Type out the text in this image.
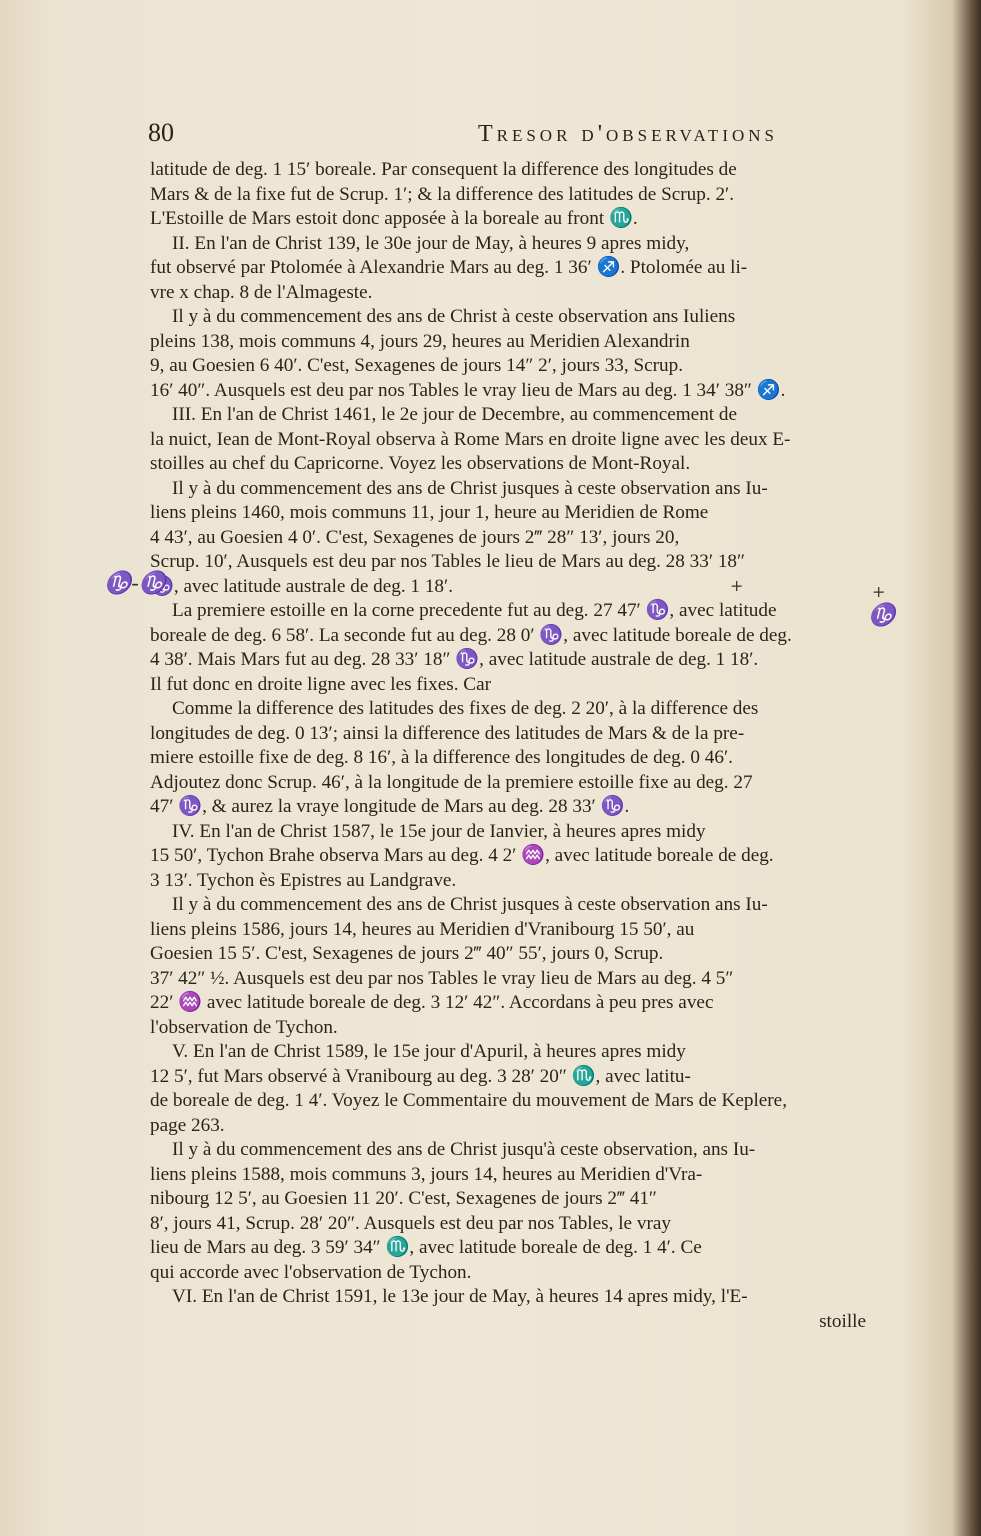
80	Tresor d'observations
latitude de deg. 1 15′ boreale. Par consequent la difference des longitudes de
Mars & de la fixe fut de Scrup. 1′; & la difference des latitudes de Scrup. 2′.
L'Estoille de Mars estoit donc apposée à la boreale au front ♏.
II. En l'an de Christ 139, le 30e jour de May, à heures 9 apres midy,
fut observé par Ptolomée à Alexandrie Mars au deg. 1 36′ ♐. Ptolomée au li-
vre x chap. 8 de l'Almageste.
Il y à du commencement des ans de Christ à ceste observation ans Iuliens
pleins 138, mois communs 4, jours 29, heures au Meridien Alexandrin
9, au Goesien 6 40′. C'est, Sexagenes de jours 14″ 2′, jours 33, Scrup.
16′ 40″. Ausquels est deu par nos Tables le vray lieu de Mars au deg. 1 34′ 38″ ♐.
III. En l'an de Christ 1461, le 2e jour de Decembre, au commencement de
la nuict, Iean de Mont-Royal observa à Rome Mars en droite ligne avec les deux E-
stoilles au chef du Capricorne. Voyez les observations de Mont-Royal.
Il y à du commencement des ans de Christ jusques à ceste observation ans Iu-
liens pleins 1460, mois communs 11, jour 1, heure au Meridien de Rome
4 43′, au Goesien 4 0′. C'est, Sexagenes de jours 2‴ 28″ 13′, jours 20,
Scrup. 10′, Ausquels est deu par nos Tables le lieu de Mars au deg. 28 33′ 18″
♑, avec latitude australe de deg. 1 18′.
La premiere estoille en la corne precedente fut au deg. 27 47′ ♑, avec latitude
boreale de deg. 6 58′. La seconde fut au deg. 28 0′ ♑, avec latitude boreale de deg.
4 38′. Mais Mars fut au deg. 28 33′ 18″ ♑, avec latitude australe de deg. 1 18′.
Il fut donc en droite ligne avec les fixes. Car
Comme la difference des latitudes des fixes de deg. 2 20′, à la difference des
longitudes de deg. 0 13′; ainsi la difference des latitudes de Mars & de la pre-
miere estoille fixe de deg. 8 16′, à la difference des longitudes de deg. 0 46′.
Adjoutez donc Scrup. 46′, à la longitude de la premiere estoille fixe au deg. 27
47′ ♑, & aurez la vraye longitude de Mars au deg. 28 33′ ♑.
IV. En l'an de Christ 1587, le 15e jour de Ianvier, à heures apres midy
15 50′, Tychon Brahe observa Mars au deg. 4 2′ ♒, avec latitude boreale de deg.
3 13′. Tychon ès Epistres au Landgrave.
Il y à du commencement des ans de Christ jusques à ceste observation ans Iu-
liens pleins 1586, jours 14, heures au Meridien d'Vranibourg 15 50′, au
Goesien 15 5′. C'est, Sexagenes de jours 2‴ 40″ 55′, jours 0, Scrup.
37′ 42″ ½. Ausquels est deu par nos Tables le vray lieu de Mars au deg. 4 5″
22′ ♒ avec latitude boreale de deg. 3 12′ 42″. Accordans à peu pres avec
l'observation de Tychon.
V. En l'an de Christ 1589, le 15e jour d'Apuril, à heures apres midy
12 5′, fut Mars observé à Vranibourg au deg. 3 28′ 20″ ♏, avec latitu-
de boreale de deg. 1 4′. Voyez le Commentaire du mouvement de Mars de Keplere,
page 263.
Il y à du commencement des ans de Christ jusqu'à ceste observation, ans Iu-
liens pleins 1588, mois communs 3, jours 14, heures au Meridien d'Vra-
nibourg 12 5′, au Goesien 11 20′. C'est, Sexagenes de jours 2‴ 41″
8′, jours 41, Scrup. 28′ 20″. Ausquels est deu par nos Tables, le vray
lieu de Mars au deg. 3 59′ 34″ ♏, avec latitude boreale de deg. 1 4′. Ce
qui accorde avec l'observation de Tychon.
VI. En l'an de Christ 1591, le 13e jour de May, à heures 14 apres midy, l'E-
stoille
♑-♑
♑
+	+
